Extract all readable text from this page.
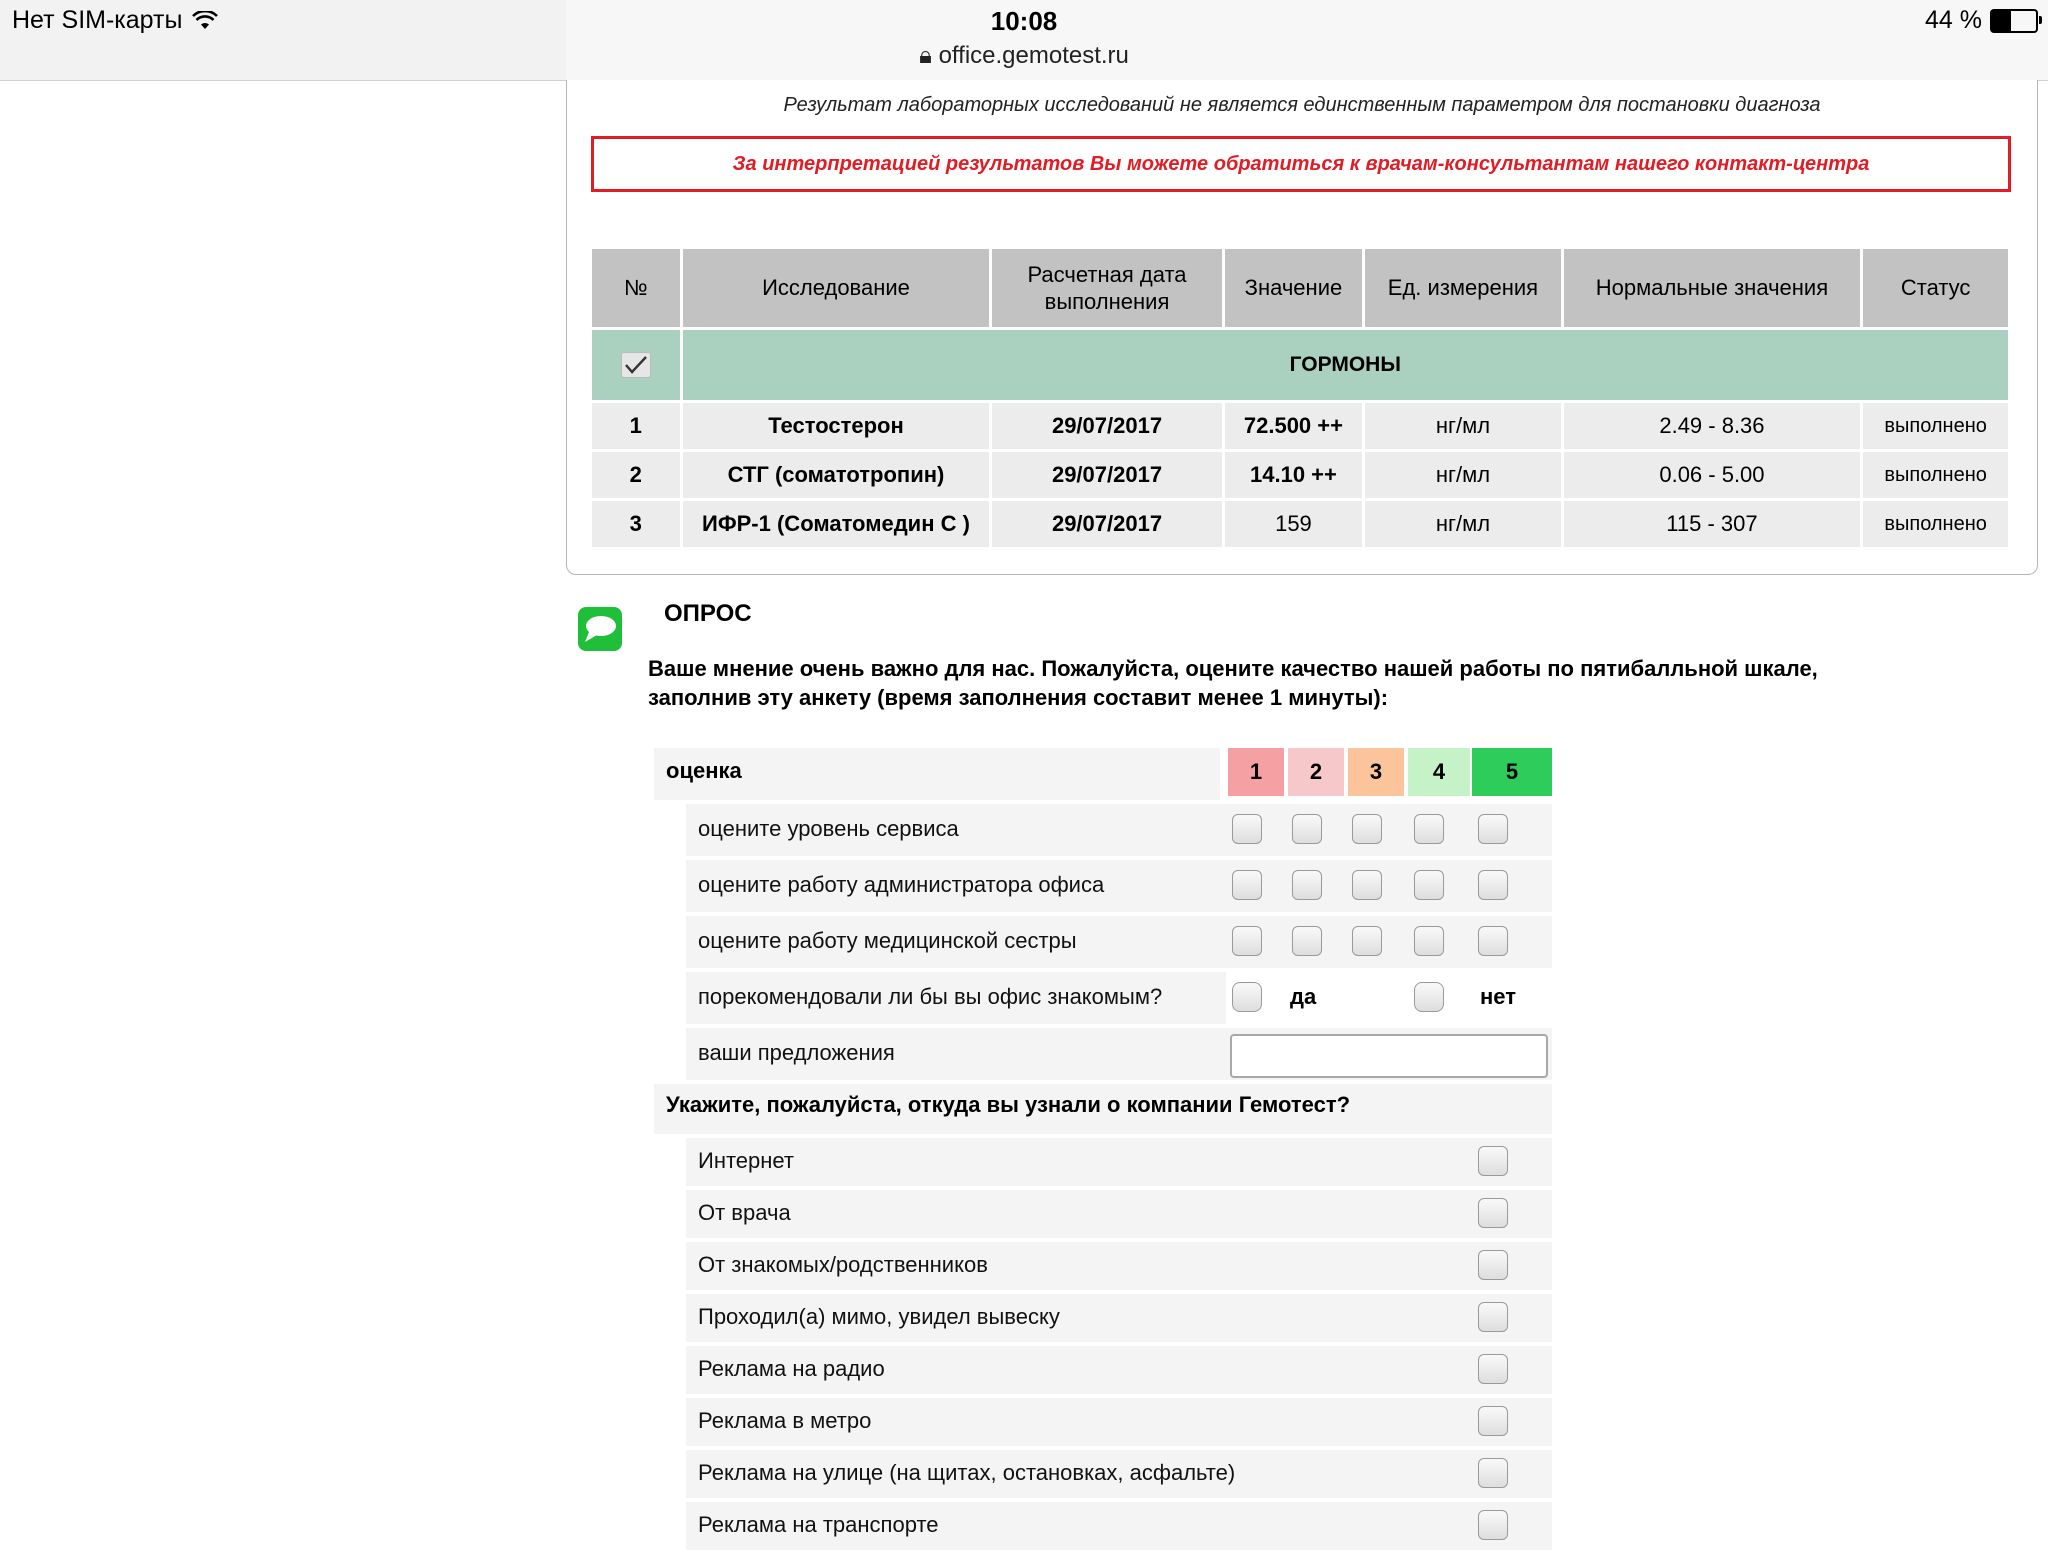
Нет SIM-карты	10:08
🔒︎ office.gemotest.ru
44 %
Результат лабораторных исследований не является единственным параметром для постановки диагноза
За интерпретацией результатов Вы можете обратиться к врачам-консультантам нашего контакт-центра
№	Исследование	Расчетная дата выполнения	Значение	Ед. измерения	Нормальные значения	Статус

	ГОРМОНЫ					
1	Тестостерон	29/07/2017	72.500 ++	нг/мл	2.49 - 8.36	выполнено
2	СТГ (соматотропин)	29/07/2017	14.10 ++	нг/мл	0.06 - 5.00	выполнено
3	ИФР-1 (Соматомедин С )	29/07/2017	159	нг/мл	115 - 307	выполнено
ОПРОС
Ваше мнение очень важно для нас. Пожалуйста, оцените качество нашей работы по пятибалльной шкале, заполнив эту анкету (время заполнения составит менее 1 минуты):
оценка	1	2	3	4	5
оцените уровень сервиса
оцените работу администратора офиса
оцените работу медицинской сестры
порекомендовали ли бы вы офис знакомым?	да	нет
ваши предложения
Укажите, пожалуйста, откуда вы узнали о компании Гемотест?
Интернет
От врача
От знакомых/родственников
Проходил(а) мимо, увидел вывеску
Реклама на радио
Реклама в метро
Реклама на улице (на щитах, остановках, асфальте)
Реклама на транспорте
